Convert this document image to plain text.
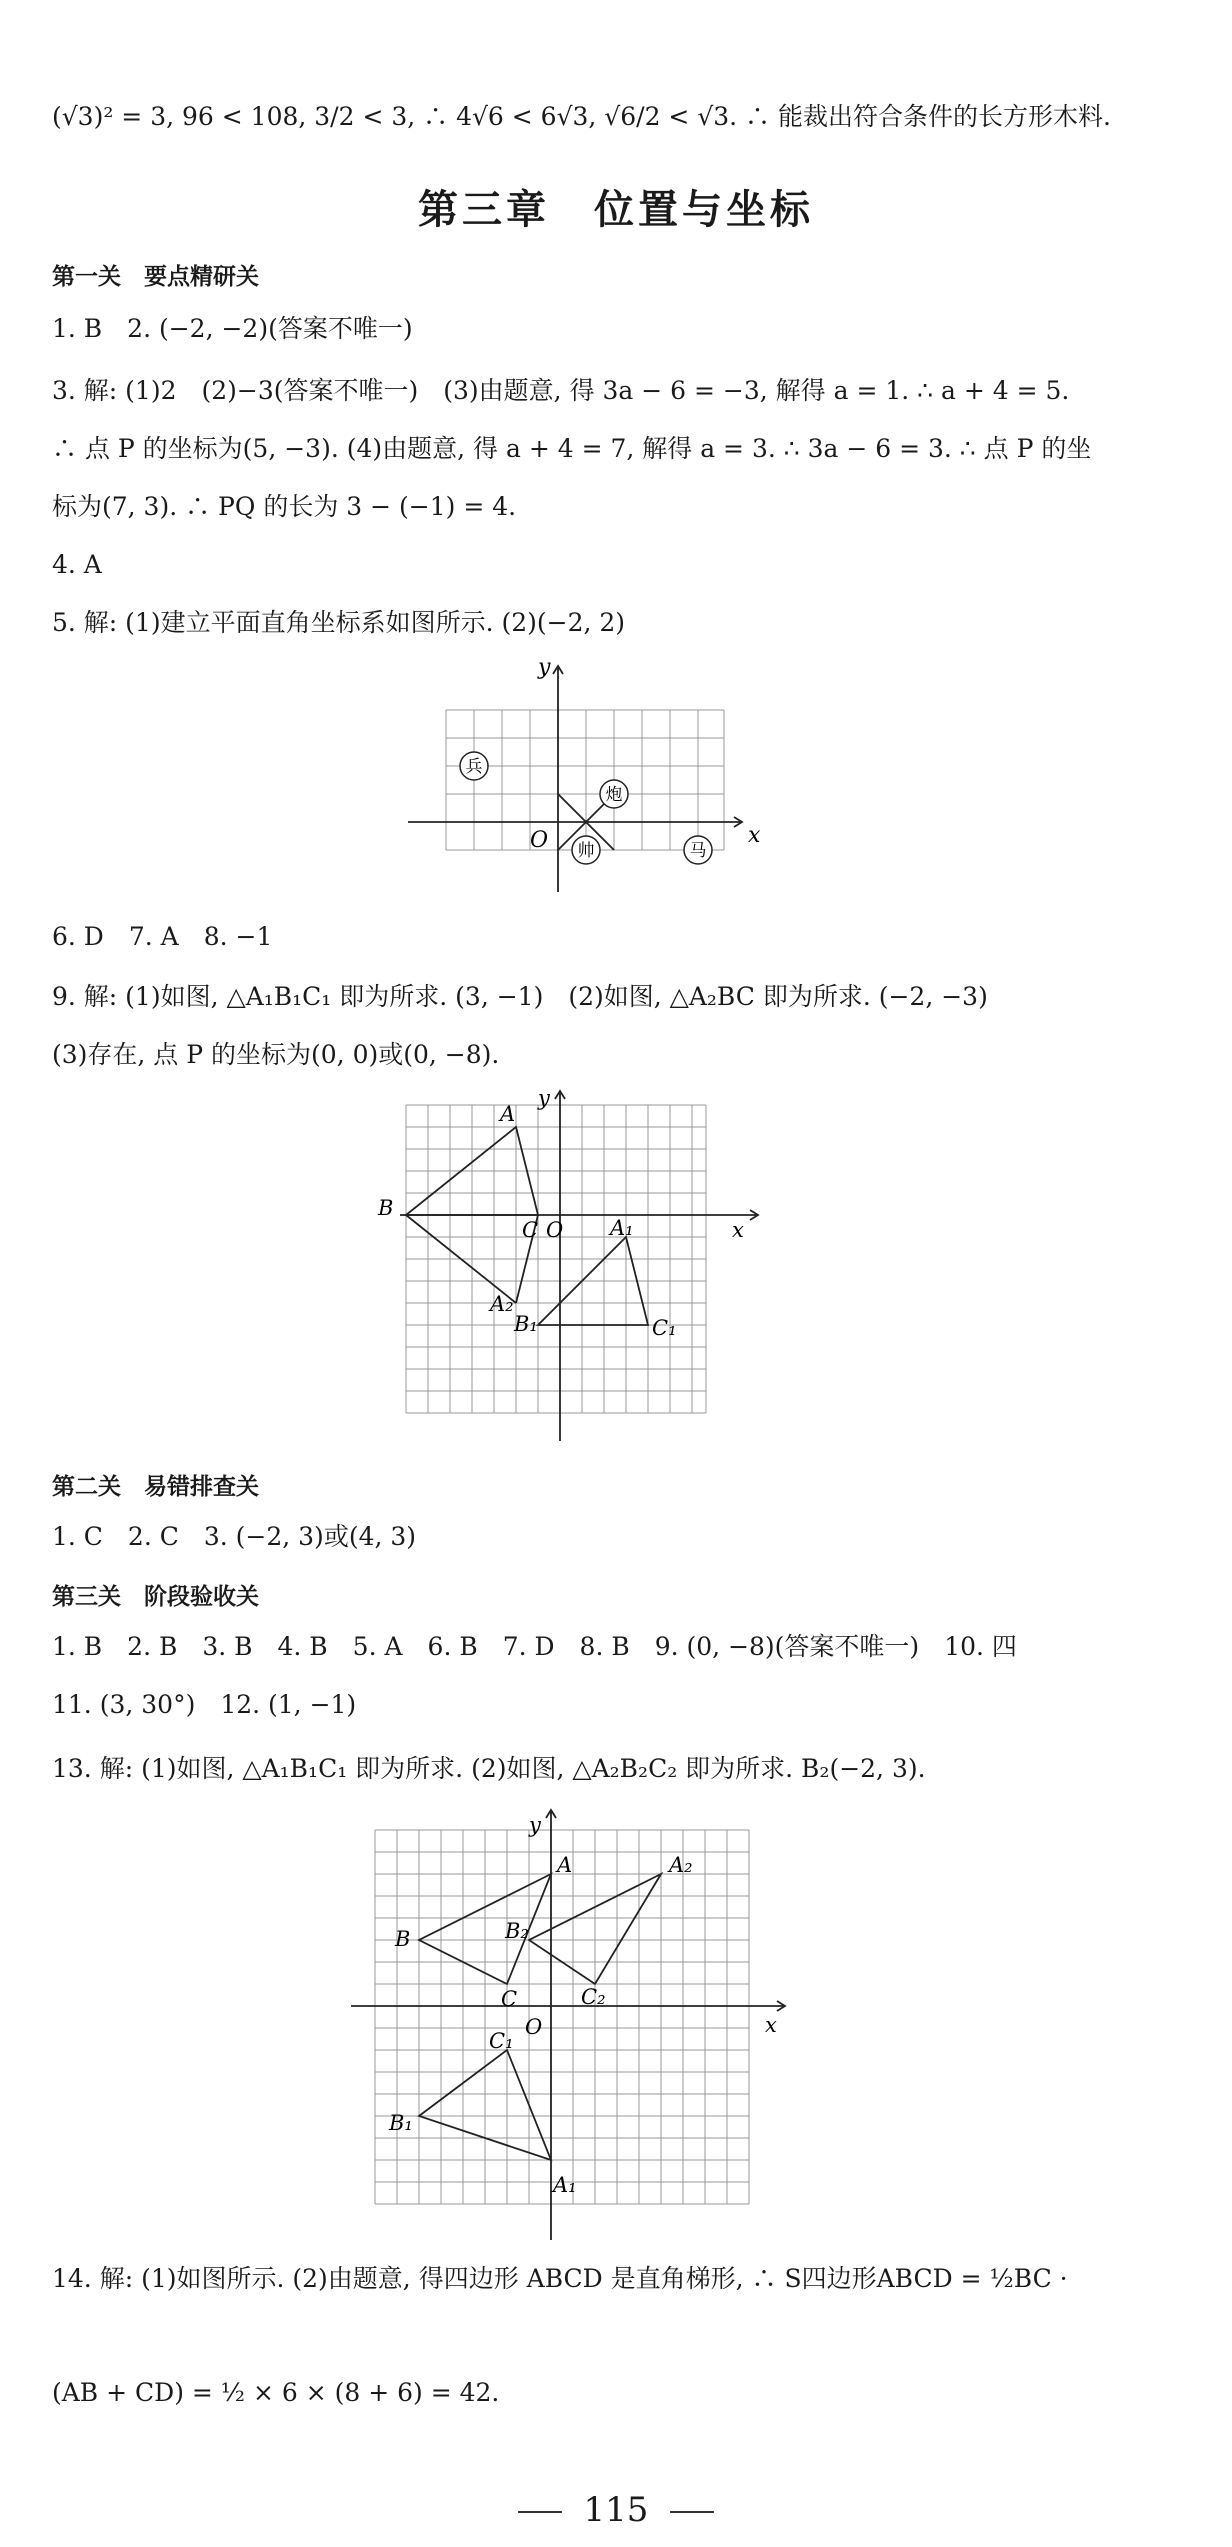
(√3)² = 3, 96 < 108, 3/2 < 3, ∴ 4√6 < 6√3, √6/2 < √3. ∴ 能裁出符合条件的长方形木料.
第三章　位置与坐标
第一关　要点精研关
1. B　2. (−2, −2)(答案不唯一)
3. 解: (1)2　(2)−3(答案不唯一)　(3)由题意, 得 3a − 6 = −3, 解得 a = 1. ∴ a + 4 = 5.
∴ 点 P 的坐标为(5, −3). (4)由题意, 得 a + 4 = 7, 解得 a = 3. ∴ 3a − 6 = 3. ∴ 点 P 的坐
标为(7, 3). ∴ PQ 的长为 3 − (−1) = 4.
4. A
5. 解: (1)建立平面直角坐标系如图所示. (2)(−2, 2)
兵
炮
帅	马
O	x
y
6. D　7. A　8. −1
9. 解: (1)如图, △A₁B₁C₁ 即为所求. (3, −1)　(2)如图, △A₂BC 即为所求. (−2, −3)
(3)存在, 点 P 的坐标为(0, 0)或(0, −8).
A
B
C O A₁
B₁	C₁
A₂
x
y
第二关　易错排查关
1. C　2. C　3. (−2, 3)或(4, 3)
第三关　阶段验收关
1. B　2. B　3. B　4. B　5. A　6. B　7. D　8. B　9. (0, −8)(答案不唯一)　10. 四
11. (3, 30°)　12. (1, −1)
13. 解: (1)如图, △A₁B₁C₁ 即为所求. (2)如图, △A₂B₂C₂ 即为所求. B₂(−2, 3).
A
B
C
A₂
B₂
C₂
O
C₁
B₁
A₁
x
y
14. 解: (1)如图所示. (2)由题意, 得四边形 ABCD 是直角梯形, ∴ S四边形ABCD = ½BC ·
(AB + CD) = ½ × 6 × (8 + 6) = 42.
115
